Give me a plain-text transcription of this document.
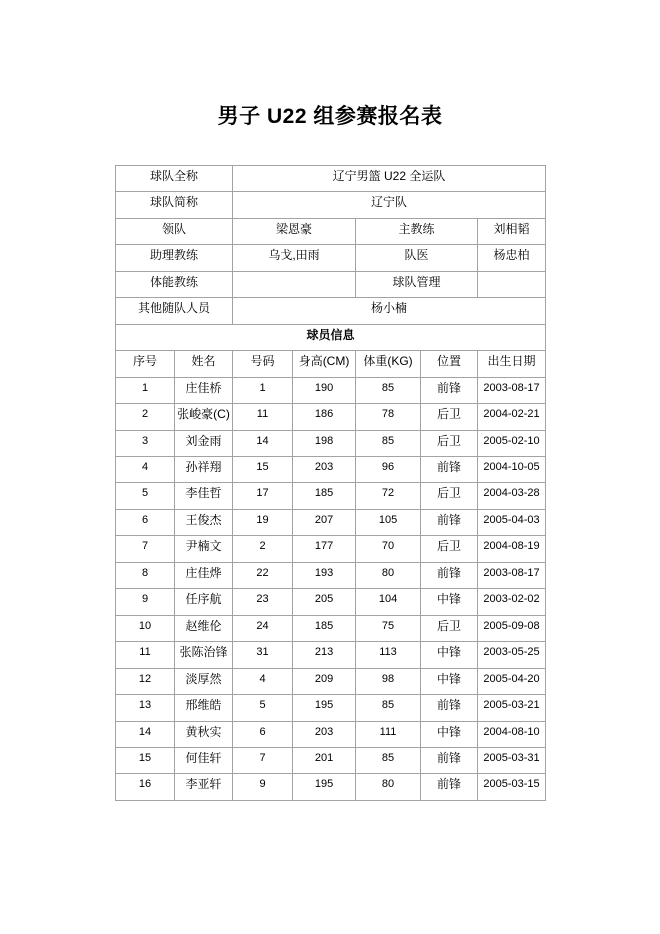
男子 U22 组参赛报名表
球队全称		辽宁男篮 U22 全运队				
球队简称		辽宁队				
领队		梁恩豪		主教练		刘相韬
助理教练		乌戈,田雨		队医		杨忠柏
体能教练				球队管理		
其他随队人员		杨小楠				
球员信息						
序号	姓名	号码	身高(CM)	体重(KG)	位置	出生日期
1	庄佳桥	1	190	85	前锋	2003-08-17
2	张峻豪(C)	11	186	78	后卫	2004-02-21
3	刘金雨	14	198	85	后卫	2005-02-10
4	孙祥翔	15	203	96	前锋	2004-10-05
5	李佳哲	17	185	72	后卫	2004-03-28
6	王俊杰	19	207	105	前锋	2005-04-03
7	尹楠文	2	177	70	后卫	2004-08-19
8	庄佳烨	22	193	80	前锋	2003-08-17
9	任序航	23	205	104	中锋	2003-02-02
10	赵维伦	24	185	75	后卫	2005-09-08
11	张陈治锋	31	213	113	中锋	2003-05-25
12	淡厚然	4	209	98	中锋	2005-04-20
13	邢维皓	5	195	85	前锋	2005-03-21
14	黄秋实	6	203	111	中锋	2004-08-10
15	何佳轩	7	201	85	前锋	2005-03-31
16	李亚轩	9	195	80	前锋	2005-03-15
